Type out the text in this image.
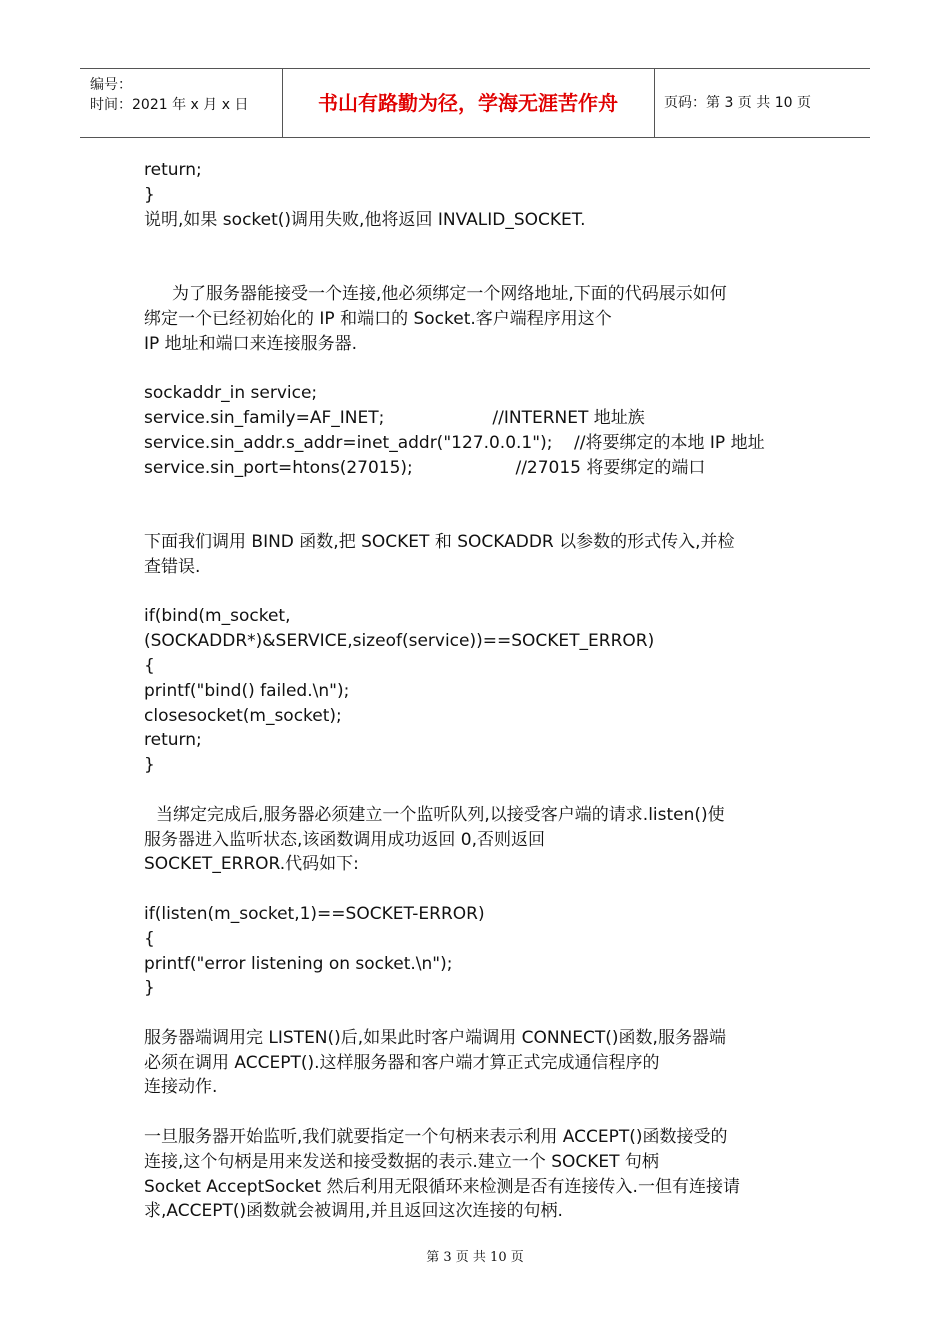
编号：
时间：2021 年 x 月 x 日	书山有路勤为径，学海无涯苦作舟	页码：第 3 页 共 10 页
return;
}
说明,如果 socket()调用失败,他将返回 INVALID_SOCKET.
为了服务器能接受一个连接,他必须绑定一个网络地址,下面的代码展示如何
绑定一个已经初始化的 IP 和端口的 Socket.客户端程序用这个
IP 地址和端口来连接服务器.
sockaddr_in service;
service.sin_family=AF_INET;                    //INTERNET 地址族
service.sin_addr.s_addr=inet_addr("127.0.0.1");    //将要绑定的本地 IP 地址
service.sin_port=htons(27015);                   //27015 将要绑定的端口
下面我们调用 BIND 函数,把 SOCKET 和 SOCKADDR 以参数的形式传入,并检
查错误.
if(bind(m_socket,
(SOCKADDR*)&SERVICE,sizeof(service))==SOCKET_ERROR)
{
printf("bind() failed.\n");
closesocket(m_socket);
return;
}
当绑定完成后,服务器必须建立一个监听队列,以接受客户端的请求.listen()使
服务器进入监听状态,该函数调用成功返回 0,否则返回
SOCKET_ERROR.代码如下:
if(listen(m_socket,1)==SOCKET-ERROR)
{
printf("error listening on socket.\n");
}
服务器端调用完 LISTEN()后,如果此时客户端调用 CONNECT()函数,服务器端
必须在调用 ACCEPT().这样服务器和客户端才算正式完成通信程序的
连接动作.
一旦服务器开始监听,我们就要指定一个句柄来表示利用 ACCEPT()函数接受的
连接,这个句柄是用来发送和接受数据的表示.建立一个 SOCKET 句柄
Socket AcceptSocket 然后利用无限循环来检测是否有连接传入.一但有连接请
求,ACCEPT()函数就会被调用,并且返回这次连接的句柄.
第 3 页 共 10 页
